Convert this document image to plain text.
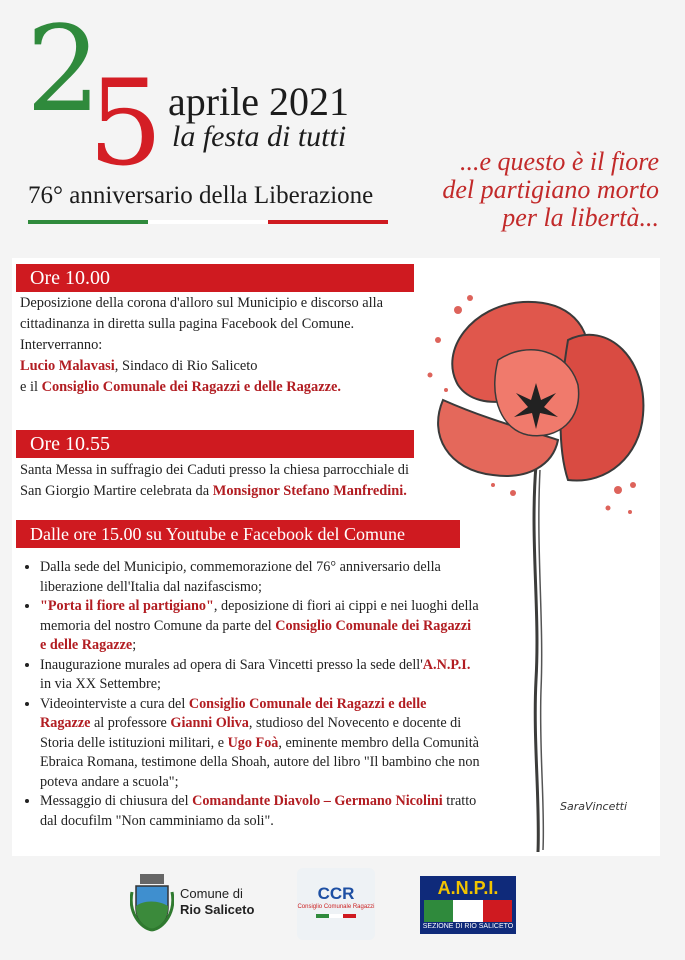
2
5 aprile 2021
la festa di tutti
76° anniversario della Liberazione
...e questo è il fiore
del partigiano morto
per la libertà...
Ore 10.00
Deposizione della corona d'alloro sul Municipio e discorso alla
cittadinanza in diretta sulla pagina Facebook del Comune.
Interverranno:
Lucio Malavasi, Sindaco di Rio Saliceto
e il Consiglio Comunale dei Ragazzi e delle Ragazze.
Ore 10.55
Santa Messa in suffragio dei Caduti presso la chiesa parrocchiale di
San Giorgio Martire celebrata da Monsignor Stefano Manfredini.
Dalle ore 15.00 su Youtube e Facebook del Comune
• Dalla sede del Municipio, commemorazione del 76° anniversario della liberazione dell'Italia dal nazifascismo;
• "Porta il fiore al partigiano", deposizione di fiori ai cippi e nei luoghi della memoria del nostro Comune da parte del Consiglio Comunale dei Ragazzi e delle Ragazze;
• Inaugurazione murales ad opera di Sara Vincetti presso la sede dell'A.N.P.I. in via XX Settembre;
• Videointerviste a cura del Consiglio Comunale dei Ragazzi e delle Ragazze al professore Gianni Oliva, studioso del Novecento e docente di Storia delle istituzioni militari, e Ugo Foà, eminente membro della Comunità Ebraica Romana, testimone della Shoah, autore del libro "Il bambino che non poteva andare a scuola";
• Messaggio di chiusura del Comandante Diavolo – Germano Nicolini tratto dal docufilm "Non camminiamo da soli".
SaraVincetti
Comune di
Rio Saliceto
CCR
Consiglio Comunale Ragazzi
A.N.P.I.
SEZIONE DI RIO SALICETO
